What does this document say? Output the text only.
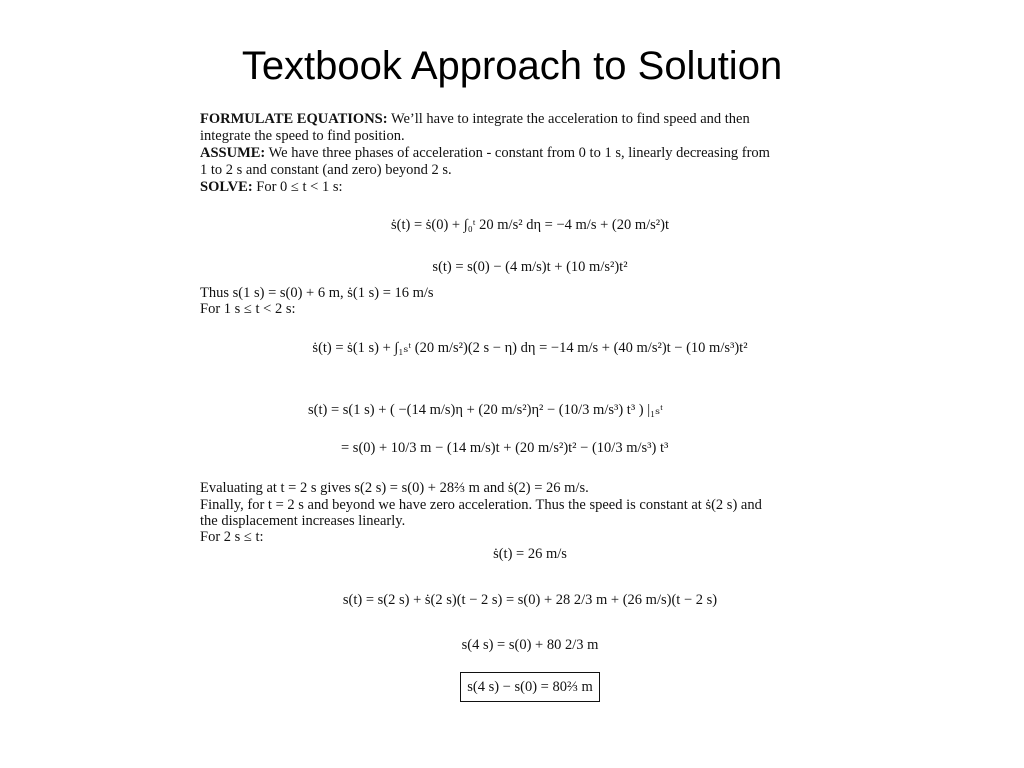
Textbook Approach to Solution
FORMULATE EQUATIONS: We’ll have to integrate the acceleration to find speed and then
integrate the speed to find position.
ASSUME: We have three phases of acceleration - constant from 0 to 1 s, linearly decreasing from
1 to 2 s and constant (and zero) beyond 2 s.
SOLVE: For 0 ≤ t < 1 s:
ṡ(t) = ṡ(0) + ∫₀ᵗ 20 m/s² dη = −4 m/s + (20 m/s²)t
s(t) = s(0) − (4 m/s)t + (10 m/s²)t²
Thus s(1 s) = s(0) + 6 m, ṡ(1 s) = 16 m/s
For 1 s ≤ t < 2 s:
ṡ(t) = ṡ(1 s) + ∫₁ₛᵗ (20 m/s²)(2 s − η) dη = −14 m/s + (40 m/s²)t − (10 m/s³)t²
s(t) = s(1 s) + ( −(14 m/s)η + (20 m/s²)η² − (10/3 m/s³) t³ ) |₁ₛᵗ
= s(0) + 10/3 m − (14 m/s)t + (20 m/s²)t² − (10/3 m/s³) t³
Evaluating at t = 2 s gives s(2 s) = s(0) + 28⅔ m and ṡ(2) = 26 m/s.
Finally, for t = 2 s and beyond we have zero acceleration. Thus the speed is constant at ṡ(2 s) and
the displacement increases linearly.
For 2 s ≤ t:
ṡ(t) = 26 m/s
s(t) = s(2 s) + ṡ(2 s)(t − 2 s) = s(0) + 28 2/3 m + (26 m/s)(t − 2 s)
s(4 s) = s(0) + 80 2/3 m
s(4 s) − s(0) = 80⅔ m
